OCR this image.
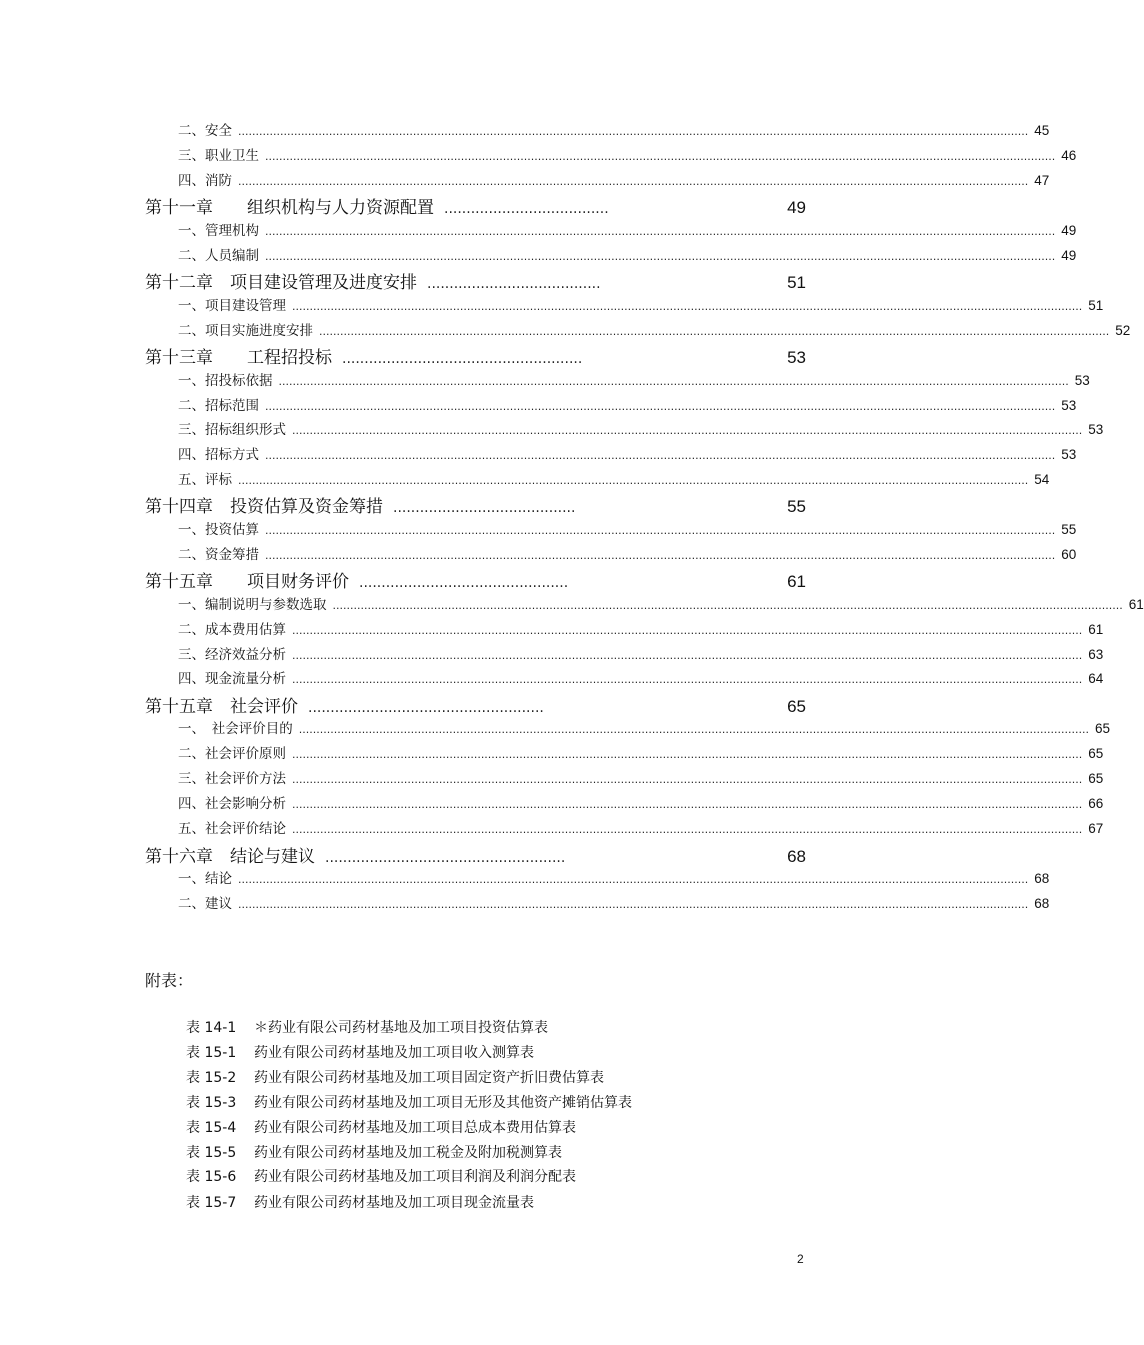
二、安全 .................................................................................................................................................................................................................................. 45
三、职业卫生 .................................................................................................................................................................................................................................. 46
四、消防 .................................................................................................................................................................................................................................. 47
第十一章　　组织机构与人力资源配置 .....................................	49
一、管理机构 .................................................................................................................................................................................................................................. 49
二、人员编制 .................................................................................................................................................................................................................................. 49
第十二章　项目建设管理及进度安排 .......................................	51
一、项目建设管理 .................................................................................................................................................................................................................................. 51
二、项目实施进度安排 .................................................................................................................................................................................................................................. 52
第十三章　　工程招投标 ......................................................	53
一、招投标依据 .................................................................................................................................................................................................................................. 53
二、招标范围 .................................................................................................................................................................................................................................. 53
三、招标组织形式 .................................................................................................................................................................................................................................. 53
四、招标方式 .................................................................................................................................................................................................................................. 53
五、评标 .................................................................................................................................................................................................................................. 54
第十四章　投资估算及资金筹措 .........................................	55
一、投资估算 .................................................................................................................................................................................................................................. 55
二、资金筹措 .................................................................................................................................................................................................................................. 60
第十五章　　项目财务评价 ...............................................	61
一、编制说明与参数选取 .................................................................................................................................................................................................................................. 61
二、成本费用估算 .................................................................................................................................................................................................................................. 61
三、经济效益分析 .................................................................................................................................................................................................................................. 63
四、现金流量分析 .................................................................................................................................................................................................................................. 64
第十五章　社会评价 .....................................................	65
一、　社会评价目的 .................................................................................................................................................................................................................................. 65
二、社会评价原则 .................................................................................................................................................................................................................................. 65
三、社会评价方法 .................................................................................................................................................................................................................................. 65
四、社会影响分析 .................................................................................................................................................................................................................................. 66
五、社会评价结论 .................................................................................................................................................................................................................................. 67
第十六章　结论与建议 ......................................................	68
一、结论 .................................................................................................................................................................................................................................. 68
二、建议 .................................................................................................................................................................................................................................. 68
附表：
表 14-1	＊药业有限公司药材基地及加工项目投资估算表
表 15-1	药业有限公司药材基地及加工项目收入测算表
表 15-2	药业有限公司药材基地及加工项目固定资产折旧费估算表
表 15-3	药业有限公司药材基地及加工项目无形及其他资产摊销估算表
表 15-4	药业有限公司药材基地及加工项目总成本费用估算表
表 15-5	药业有限公司药材基地及加工税金及附加税测算表
表 15-6	药业有限公司药材基地及加工项目利润及利润分配表
表 15-7	药业有限公司药材基地及加工项目现金流量表
2
